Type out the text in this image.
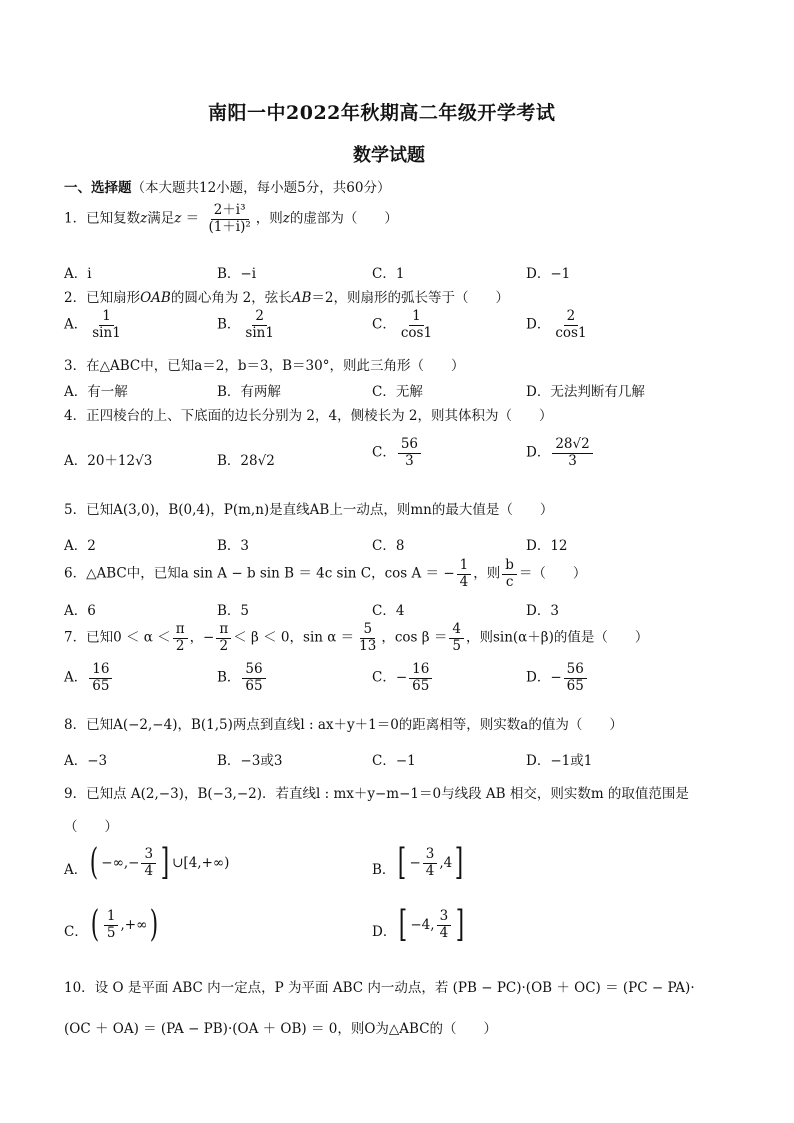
南阳一中2022年秋期高二年级开学考试
数学试题
一、选择题（本大题共12小题，每小题5分，共60分）
1．已知复数z满足$z = \frac{\text{2＋i³}}{\text{(1＋i)²}}$ ，则z的虚部为（　　）
A．i	B．−i	C．1	D．−1
2．已知扇形OAB的圆心角为 2，弦长AB＝2，则扇形的弧长等于（　　）
A． $\frac{1}{\sin 1}$	B． $\frac{2}{\sin 1}$	C． $\frac{1}{\cos 1}$	D． $\frac{2}{\cos 1}$
3．在△ABC中，已知a＝2，b＝3，B＝30°，则此三角形（　　）
A．有一解	B．有两解	C．无解	D．无法判断有几解
4．正四棱台的上、下底面的边长分别为 2，4，侧棱长为 2，则其体积为（　　）
A．20＋12√3	B．28√2
C． $\frac{56}{3}$	D． $\frac{28√2}{3}$
5．已知A(3,0)，B(0,4)，P(m,n)是直线AB上一动点，则mn的最大值是（　　）
A．2	B．3	C．8	D．12
6．△ABC中，已知a sin A − b sin B ＝ 4c sin C，cos A ＝ − $\frac{1}{4}$ ，则 $\frac{b}{c}$ ＝（　　）
A．6	B．5	C．4	D．3
7．已知$0 < \alpha < \frac{\pi}{2}$ ，− $\frac{\pi}{2} < \beta < 0$，$\sin \alpha = \frac{5}{13}$ ，$\cos \beta = \frac{4}{5}$ ，则sin(α＋β)的值是（　　）
A． $\frac{16}{65}$	B． $\frac{56}{65}$	C．− $\frac{16}{65}$	D．− $\frac{56}{65}$
8．已知A(−2,−4)，B(1,5)两点到直线l : ax＋y＋1＝0的距离相等，则实数a的值为（　　）
A．−3	B．−3或3	C．−1	D．−1或1
9．已知点 A(2,−3)，B(−3,−2)．若直线l : mx＋y−m−1＝0与线段 AB 相交，则实数m 的取值范围是
（　　）
A． ( −∞,− $\frac{3}{4}$ ] ∪[4,+∞)	B． [ − $\frac{3}{4} ,4$ ]
C． ( $\frac{1}{5}$ ,+∞ )	D． [ −4, $\frac{3}{4}$ ]
10．设 O 是平面 ABC 内一定点，P 为平面 ABC 内一动点，若 (PB − PC)·(OB ＋ OC) ＝ (PC − PA)·
(OC ＋ OA) ＝ (PA − PB)·(OA ＋ OB) ＝ 0，则O为△ABC的（　　）
